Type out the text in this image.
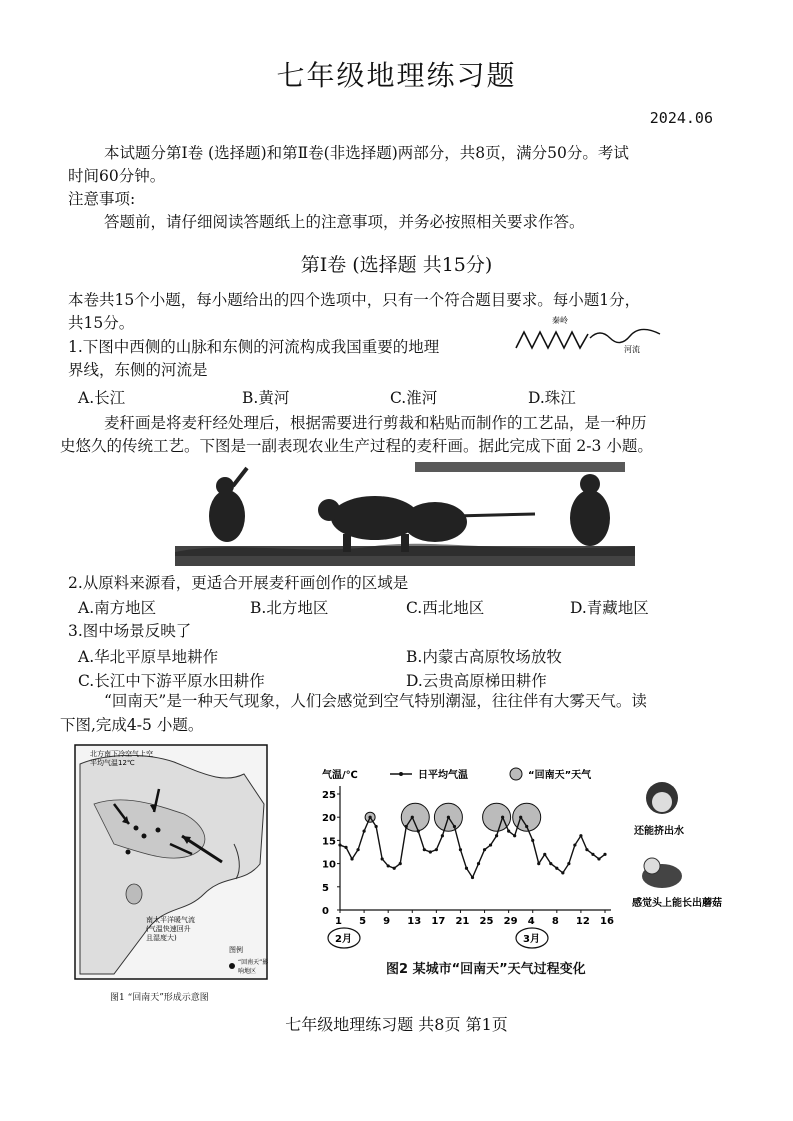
七年级地理练习题
2024.06
本试题分第Ⅰ卷 (选择题)和第Ⅱ卷(非选择题)两部分，共8页，满分50分。考试
时间60分钟。
注意事项:
答题前，请仔细阅读答题纸上的注意事项，并务必按照相关要求作答。
第Ⅰ卷 (选择题 共15分)
本卷共15个小题，每小题给出的四个选项中，只有一个符合题目要求。每小题1分，
共15分。
1.下图中西侧的山脉和东侧的河流构成我国重要的地理
界线，东侧的河流是
秦岭
河流
A.长江	B.黄河	C.淮河	D.珠江
麦秆画是将麦秆经处理后，根据需要进行剪裁和粘贴而制作的工艺品，是一种历
史悠久的传统工艺。下图是一副表现农业生产过程的麦秆画。据此完成下面 2-3 小题。
2.从原料来源看，更适合开展麦秆画创作的区域是
A.南方地区	B.北方地区	C.西北地区	D.青藏地区
3.图中场景反映了
A.华北平原旱地耕作	B.内蒙古高原牧场放牧
C.长江中下游平原水田耕作	D.云贵高原梯田耕作
“回南天”是一种天气现象，人们会感觉到空气特别潮湿，往往伴有大雾天气。读
下图,完成4-5 小题。
北方南下冷空气上空
平均气温12℃
南太平洋暖气流
(气温快速回升
且湿度大)
图例
“回南天”影
响地区
图1 “回南天”形成示意图
气温/℃	日平均气温	“回南天”天气
0
5
10
15
20
25
1 5 9 13 17 21 25 29 4 8 12 16
2月	3月
还能挤出水
感觉头上能长出蘑菇
图2 某城市“回南天”天气过程变化
七年级地理练习题 共8页 第1页
